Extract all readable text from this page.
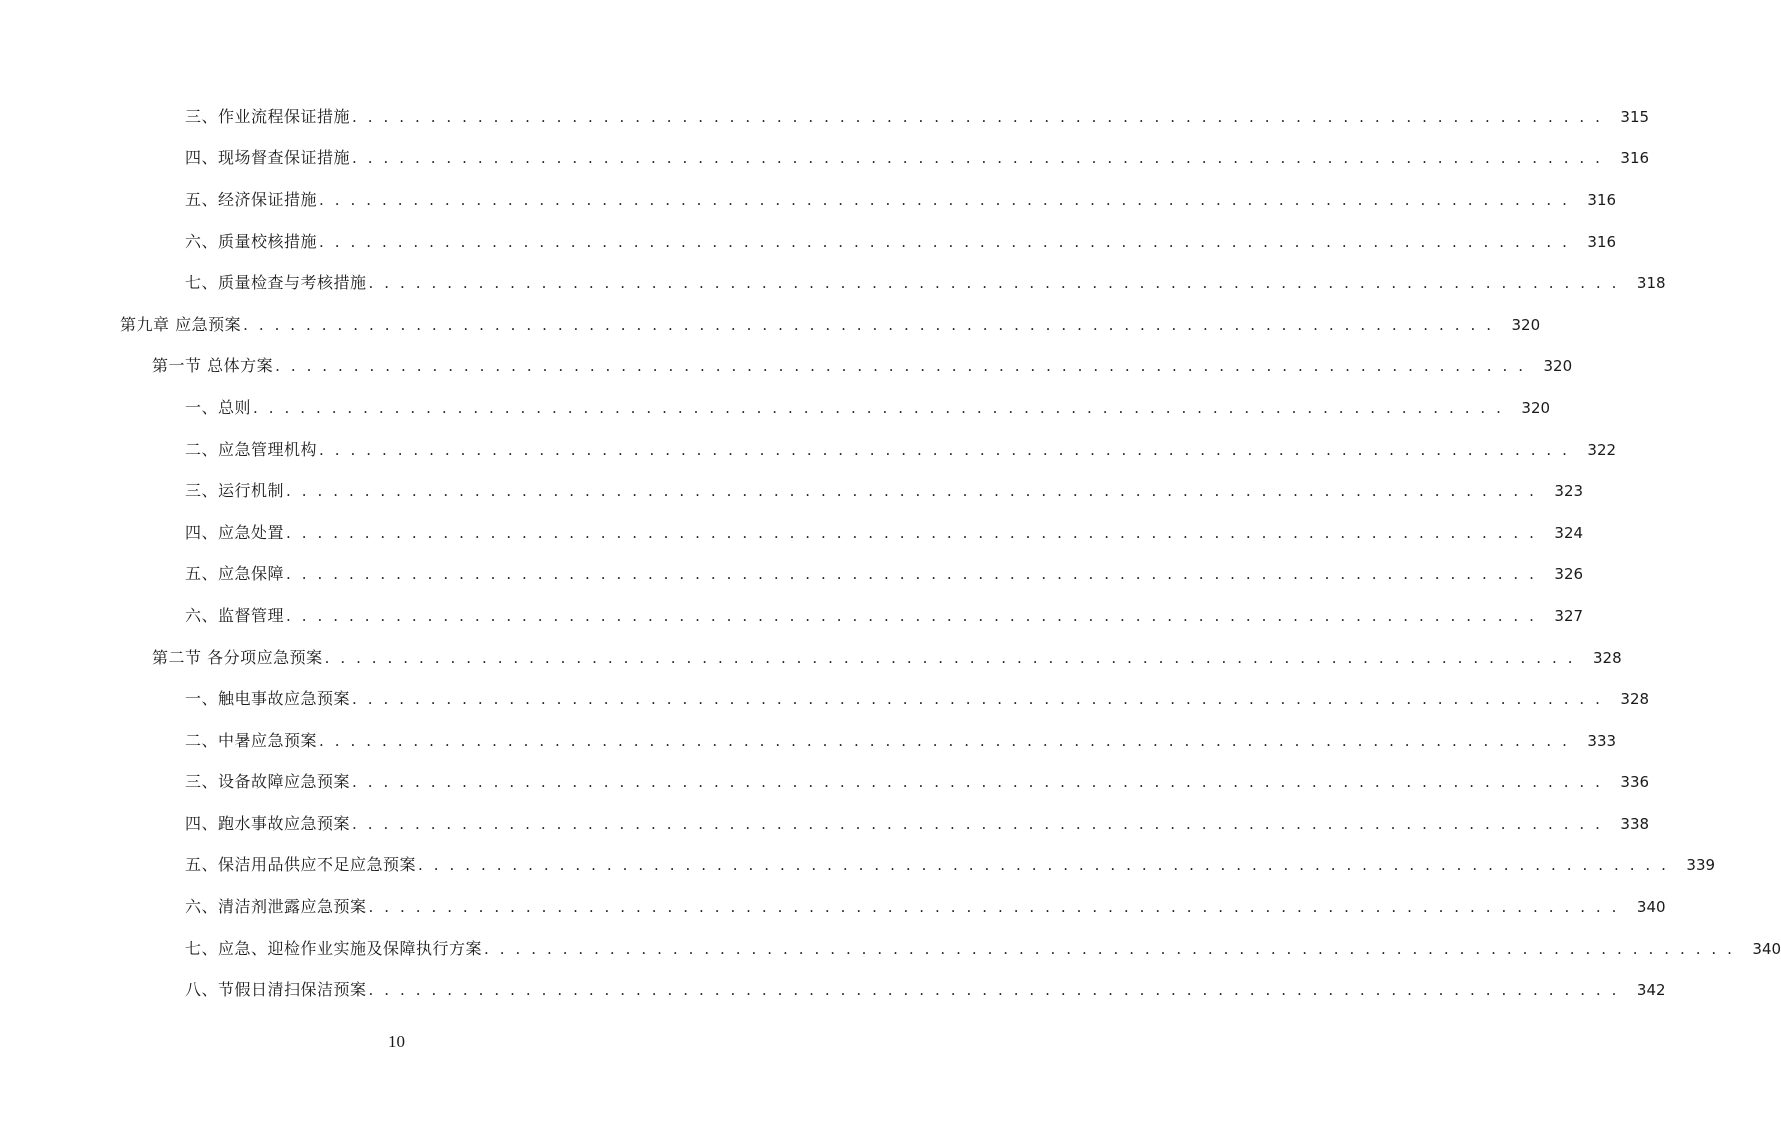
三、作业流程保证措施 . . . . . . . . . . . . . . . . . . . . . . . . . . . . . . . . . . . . . . . . . . . . . . . . . . . . . . . . . . . . . . . . . . . . . . . . . . . . . . . .	315
四、现场督查保证措施 . . . . . . . . . . . . . . . . . . . . . . . . . . . . . . . . . . . . . . . . . . . . . . . . . . . . . . . . . . . . . . . . . . . . . . . . . . . . . . . .	316
五、经济保证措施 . . . . . . . . . . . . . . . . . . . . . . . . . . . . . . . . . . . . . . . . . . . . . . . . . . . . . . . . . . . . . . . . . . . . . . . . . . . . . . . .	316
六、质量校核措施 . . . . . . . . . . . . . . . . . . . . . . . . . . . . . . . . . . . . . . . . . . . . . . . . . . . . . . . . . . . . . . . . . . . . . . . . . . . . . . . .	316
七、质量检查与考核措施 . . . . . . . . . . . . . . . . . . . . . . . . . . . . . . . . . . . . . . . . . . . . . . . . . . . . . . . . . . . . . . . . . . . . . . . . . . . . . . . .	318
第九章 应急预案 . . . . . . . . . . . . . . . . . . . . . . . . . . . . . . . . . . . . . . . . . . . . . . . . . . . . . . . . . . . . . . . . . . . . . . . . . . . . . . . .	320
第一节 总体方案 . . . . . . . . . . . . . . . . . . . . . . . . . . . . . . . . . . . . . . . . . . . . . . . . . . . . . . . . . . . . . . . . . . . . . . . . . . . . . . . .	320
一、总则 . . . . . . . . . . . . . . . . . . . . . . . . . . . . . . . . . . . . . . . . . . . . . . . . . . . . . . . . . . . . . . . . . . . . . . . . . . . . . . . .	320
二、应急管理机构 . . . . . . . . . . . . . . . . . . . . . . . . . . . . . . . . . . . . . . . . . . . . . . . . . . . . . . . . . . . . . . . . . . . . . . . . . . . . . . . .	322
三、运行机制 . . . . . . . . . . . . . . . . . . . . . . . . . . . . . . . . . . . . . . . . . . . . . . . . . . . . . . . . . . . . . . . . . . . . . . . . . . . . . . . .	323
四、应急处置 . . . . . . . . . . . . . . . . . . . . . . . . . . . . . . . . . . . . . . . . . . . . . . . . . . . . . . . . . . . . . . . . . . . . . . . . . . . . . . . .	324
五、应急保障 . . . . . . . . . . . . . . . . . . . . . . . . . . . . . . . . . . . . . . . . . . . . . . . . . . . . . . . . . . . . . . . . . . . . . . . . . . . . . . . .	326
六、监督管理 . . . . . . . . . . . . . . . . . . . . . . . . . . . . . . . . . . . . . . . . . . . . . . . . . . . . . . . . . . . . . . . . . . . . . . . . . . . . . . . .	327
第二节 各分项应急预案 . . . . . . . . . . . . . . . . . . . . . . . . . . . . . . . . . . . . . . . . . . . . . . . . . . . . . . . . . . . . . . . . . . . . . . . . . . . . . . . .	328
一、触电事故应急预案 . . . . . . . . . . . . . . . . . . . . . . . . . . . . . . . . . . . . . . . . . . . . . . . . . . . . . . . . . . . . . . . . . . . . . . . . . . . . . . . .	328
二、中暑应急预案 . . . . . . . . . . . . . . . . . . . . . . . . . . . . . . . . . . . . . . . . . . . . . . . . . . . . . . . . . . . . . . . . . . . . . . . . . . . . . . . .	333
三、设备故障应急预案 . . . . . . . . . . . . . . . . . . . . . . . . . . . . . . . . . . . . . . . . . . . . . . . . . . . . . . . . . . . . . . . . . . . . . . . . . . . . . . . .	336
四、跑水事故应急预案 . . . . . . . . . . . . . . . . . . . . . . . . . . . . . . . . . . . . . . . . . . . . . . . . . . . . . . . . . . . . . . . . . . . . . . . . . . . . . . . .	338
五、保洁用品供应不足应急预案 . . . . . . . . . . . . . . . . . . . . . . . . . . . . . . . . . . . . . . . . . . . . . . . . . . . . . . . . . . . . . . . . . . . . . . . . . . . . . . . .	339
六、清洁剂泄露应急预案 . . . . . . . . . . . . . . . . . . . . . . . . . . . . . . . . . . . . . . . . . . . . . . . . . . . . . . . . . . . . . . . . . . . . . . . . . . . . . . . .	340
七、应急、迎检作业实施及保障执行方案 . . . . . . . . . . . . . . . . . . . . . . . . . . . . . . . . . . . . . . . . . . . . . . . . . . . . . . . . . . . . . . . . . . . . . . . . . . . . . . . .	340
八、节假日清扫保洁预案 . . . . . . . . . . . . . . . . . . . . . . . . . . . . . . . . . . . . . . . . . . . . . . . . . . . . . . . . . . . . . . . . . . . . . . . . . . . . . . . .	342
10
